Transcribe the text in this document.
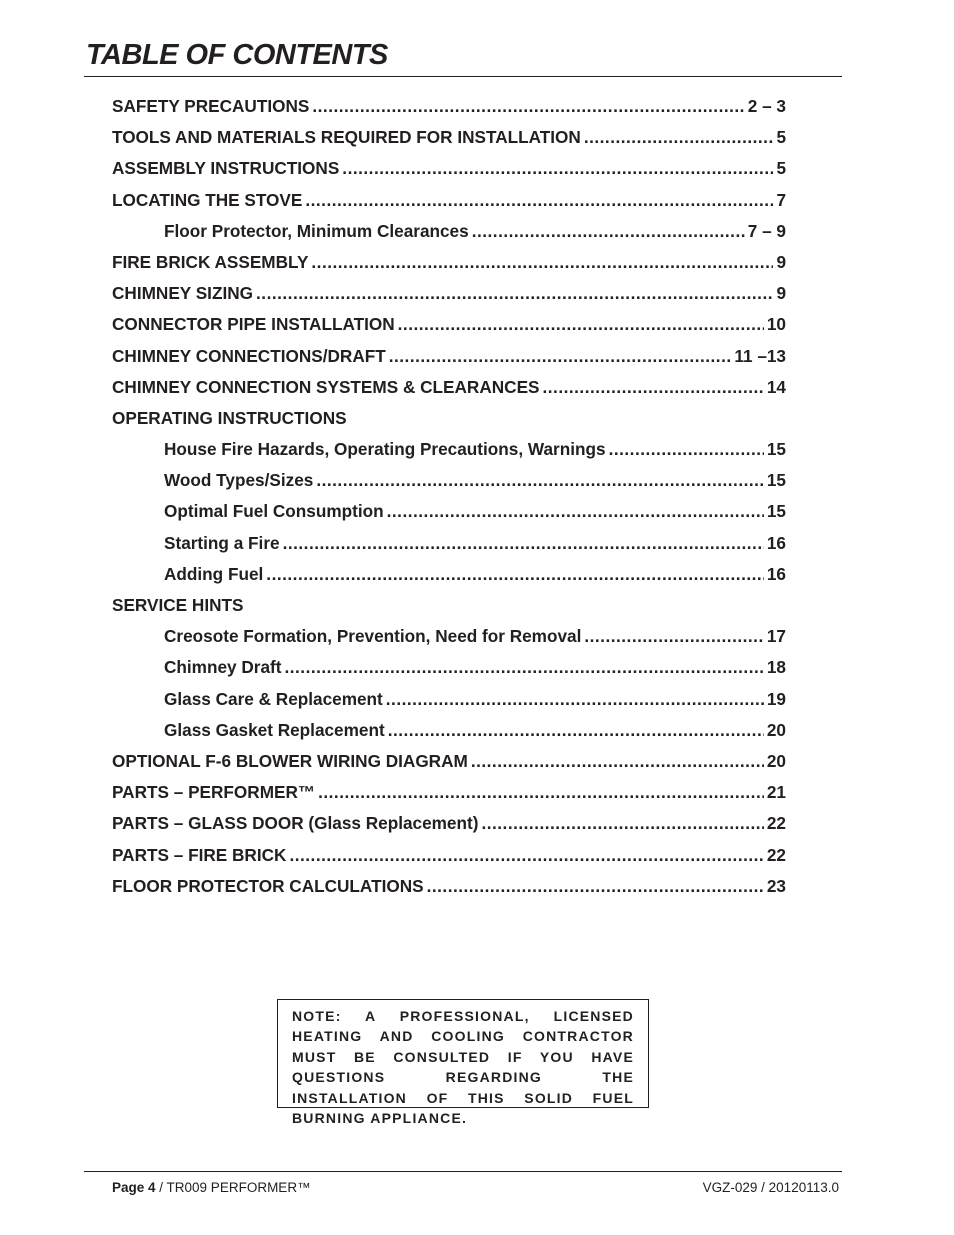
TABLE OF CONTENTS
SAFETY PRECAUTIONS .....	2 – 3
TOOLS AND MATERIALS REQUIRED FOR INSTALLATION .....	5
ASSEMBLY INSTRUCTIONS .....	5
LOCATING THE STOVE .....	7
Floor Protector, Minimum Clearances .....	7 – 9
FIRE BRICK ASSEMBLY .....	9
CHIMNEY SIZING .....	9
CONNECTOR PIPE INSTALLATION .....	10
CHIMNEY CONNECTIONS/DRAFT .....	11 –13
CHIMNEY CONNECTION SYSTEMS & CLEARANCES .....	14
OPERATING INSTRUCTIONS
House Fire Hazards, Operating Precautions, Warnings .....	15
Wood Types/Sizes .....	15
Optimal Fuel Consumption .....	15
Starting a Fire .....	16
Adding Fuel .....	16
SERVICE HINTS
Creosote Formation, Prevention, Need for Removal .....	17
Chimney Draft .....	18
Glass Care & Replacement .....	19
Glass Gasket Replacement .....	20
OPTIONAL F-6 BLOWER WIRING DIAGRAM .....	20
PARTS – PERFORMER™ .....	21
PARTS – GLASS DOOR (Glass Replacement) .....	22
PARTS – FIRE BRICK .....	22
FLOOR PROTECTOR CALCULATIONS .....	23

NOTE: A PROFESSIONAL, LICENSED HEATING AND COOLING CONTRACTOR MUST BE CONSULTED IF YOU HAVE QUESTIONS REGARDING THE INSTALLATION OF THIS SOLID FUEL BURNING APPLIANCE.

Page 4 / TR009 PERFORMER™	VGZ-029 / 20120113.0
